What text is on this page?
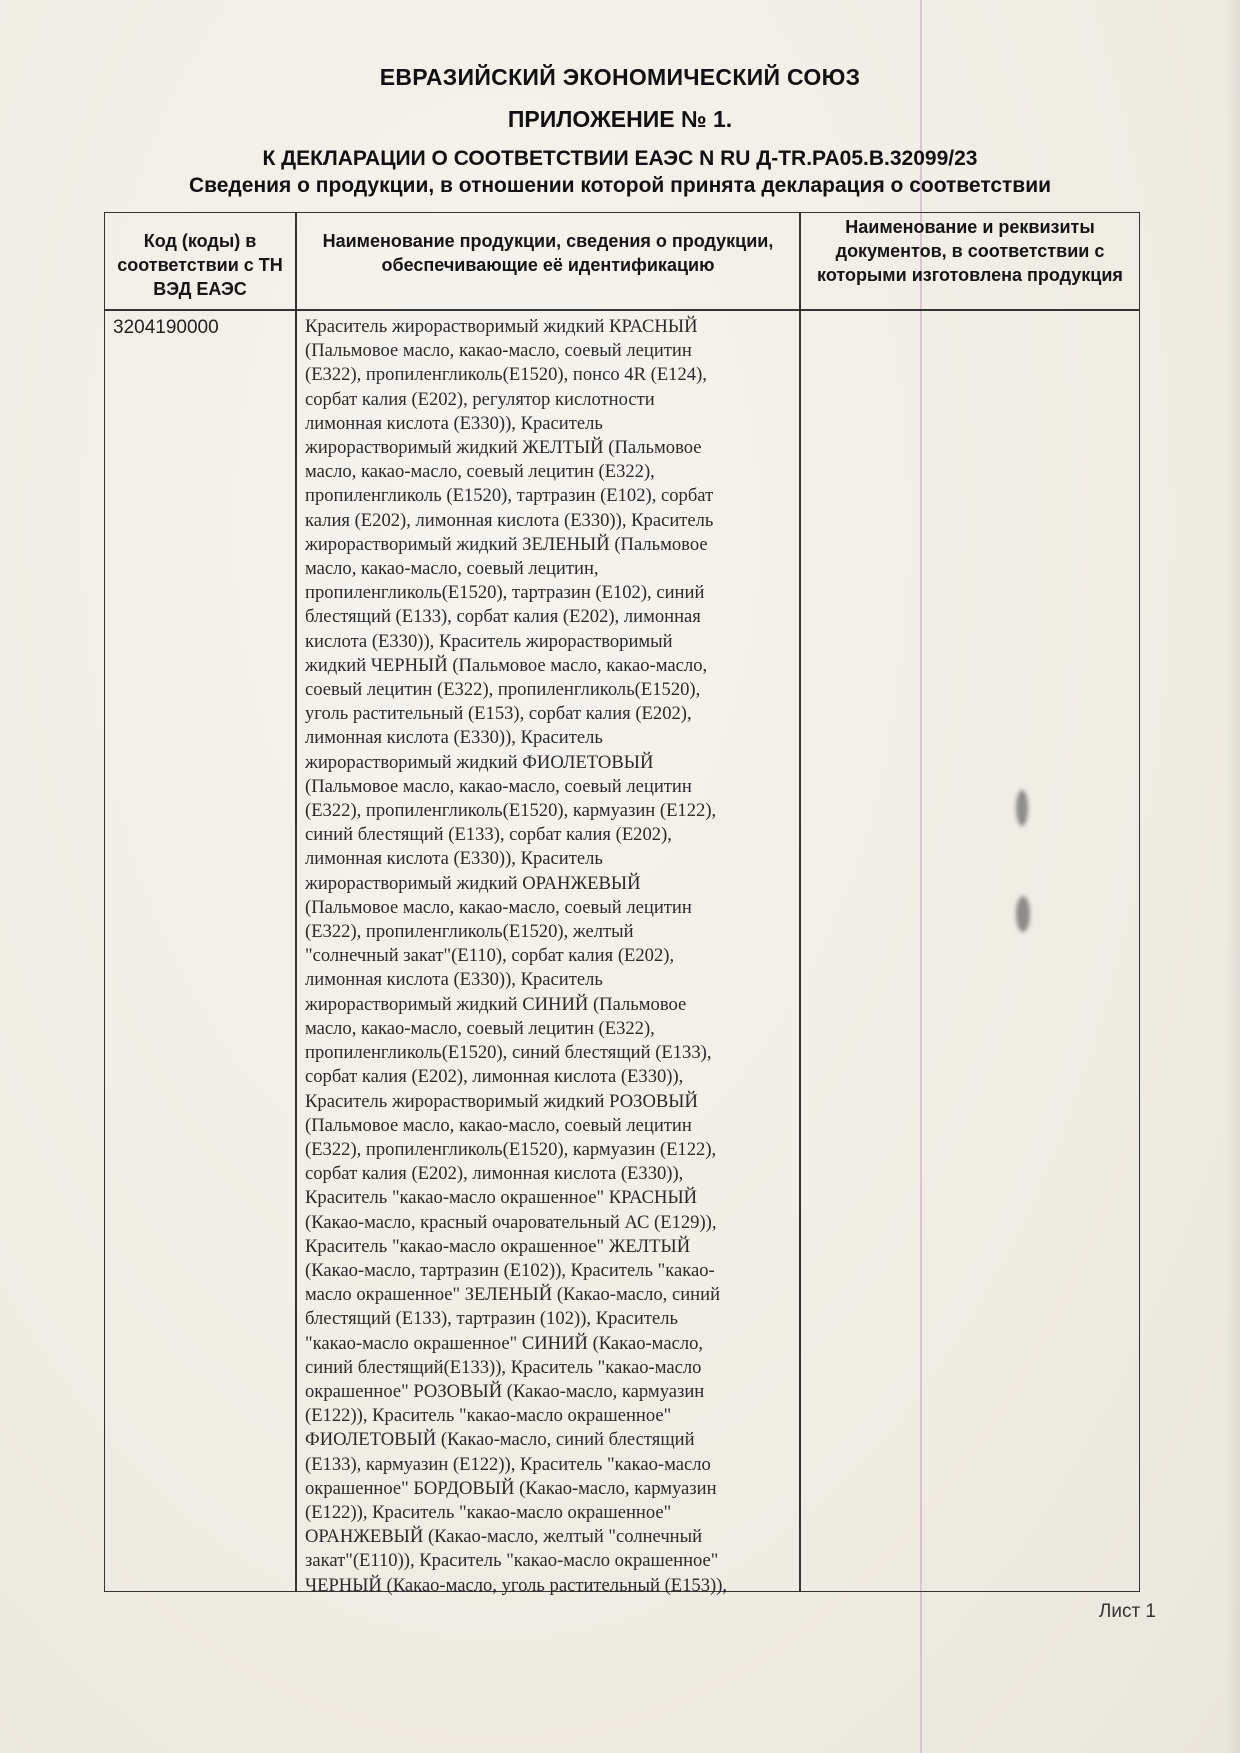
ЕВРАЗИЙСКИЙ ЭКОНОМИЧЕСКИЙ СОЮЗ
ПРИЛОЖЕНИЕ № 1.
К ДЕКЛАРАЦИИ О СООТВЕТСТВИИ ЕАЭС N RU Д-TR.PA05.B.32099/23
Сведения о продукции, в отношении которой принята декларация о соответствии
Код (коды) в соответствии с ТН ВЭД ЕАЭС
Наименование продукции, сведения о продукции, обеспечивающие её идентификацию
Наименование и реквизиты документов, в соответствии с которыми изготовлена продукция
3204190000	Краситель жирорастворимый жидкий КРАСНЫЙ
(Пальмовое масло, какао-масло, соевый лецитин
(Е322), пропиленгликоль(Е1520), понсо 4R (Е124),
сорбат калия (Е202), регулятор кислотности
лимонная кислота (Е330)), Краситель
жирорастворимый жидкий ЖЕЛТЫЙ (Пальмовое
масло, какао-масло, соевый лецитин (Е322),
пропиленгликоль (Е1520), тартразин (Е102), сорбат
калия (Е202), лимонная кислота (Е330)), Краситель
жирорастворимый жидкий ЗЕЛЕНЫЙ (Пальмовое
масло, какао-масло, соевый лецитин,
пропиленгликоль(Е1520), тартразин (Е102), синий
блестящий (Е133), сорбат калия (Е202), лимонная
кислота (Е330)), Краситель жирорастворимый
жидкий ЧЕРНЫЙ (Пальмовое масло, какао-масло,
соевый лецитин (Е322), пропиленгликоль(Е1520),
уголь растительный (Е153), сорбат калия (Е202),
лимонная кислота (Е330)), Краситель
жирорастворимый жидкий ФИОЛЕТОВЫЙ
(Пальмовое масло, какао-масло, соевый лецитин
(Е322), пропиленгликоль(Е1520), кармуазин (Е122),
синий блестящий (Е133), сорбат калия (Е202),
лимонная кислота (Е330)), Краситель
жирорастворимый жидкий ОРАНЖЕВЫЙ
(Пальмовое масло, какао-масло, соевый лецитин
(Е322), пропиленгликоль(Е1520), желтый
"солнечный закат"(Е110), сорбат калия (Е202),
лимонная кислота (Е330)), Краситель
жирорастворимый жидкий СИНИЙ (Пальмовое
масло, какао-масло, соевый лецитин (Е322),
пропиленгликоль(Е1520), синий блестящий (Е133),
сорбат калия (Е202), лимонная кислота (Е330)),
Краситель жирорастворимый жидкий РОЗОВЫЙ
(Пальмовое масло, какао-масло, соевый лецитин
(Е322), пропиленгликоль(Е1520), кармуазин (Е122),
сорбат калия (Е202), лимонная кислота (Е330)),
Краситель "какао-масло окрашенное" КРАСНЫЙ
(Какао-масло, красный очаровательный АС (Е129)),
Краситель "какао-масло окрашенное" ЖЕЛТЫЙ
(Какао-масло, тартразин (Е102)), Краситель "какао-
масло окрашенное" ЗЕЛЕНЫЙ (Какао-масло, синий
блестящий (Е133), тартразин (102)), Краситель
"какао-масло окрашенное" СИНИЙ (Какао-масло,
синий блестящий(Е133)), Краситель "какао-масло
окрашенное" РОЗОВЫЙ (Какао-масло, кармуазин
(Е122)), Краситель "какао-масло окрашенное"
ФИОЛЕТОВЫЙ (Какао-масло, синий блестящий
(Е133), кармуазин (Е122)), Краситель "какао-масло
окрашенное" БОРДОВЫЙ (Какао-масло, кармуазин
(Е122)), Краситель "какао-масло окрашенное"
ОРАНЖЕВЫЙ (Какао-масло, желтый "солнечный
закат"(Е110)), Краситель "какао-масло окрашенное"
ЧЕРНЫЙ (Какао-масло, уголь растительный (Е153)),
Лист 1
